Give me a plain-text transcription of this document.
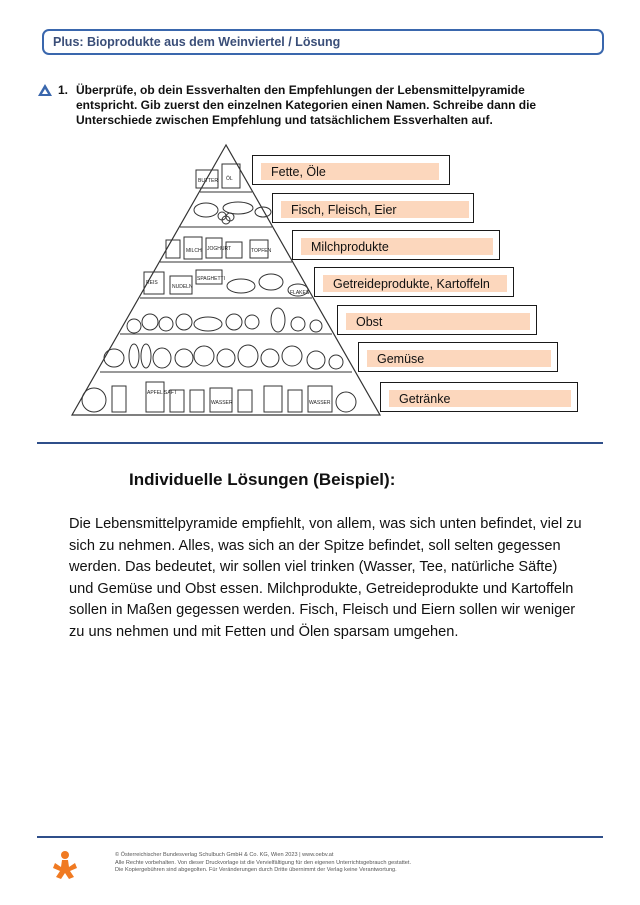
Plus: Bioprodukte aus dem Weinviertel / Lösung
1. Überprüfe, ob dein Essverhalten den Empfehlungen der Lebensmittelpyramide
entspricht. Gib zuerst den einzelnen Kategorien einen Namen. Schreibe dann die
Unterschiede zwischen Empfehlung und tatsächlichem Essverhalten auf.
BUTTER ÖL
MILCH JOGHURT	TOPFEN
REIS
SPAGHETTI
NUDELN
FLAKES
APFEL SAFT
WASSER	WASSER
Fette, Öle
Fisch, Fleisch, Eier
Milchprodukte
Getreideprodukte, Kartoffeln
Obst
Gemüse
Getränke
Individuelle Lösungen (Beispiel):
Die Lebensmittelpyramide empfiehlt, von allem, was sich unten befindet, viel zu
sich zu nehmen. Alles, was sich an der Spitze befindet, soll selten gegessen
werden. Das bedeutet, wir sollen viel trinken (Wasser, Tee, natürliche Säfte)
und Gemüse und Obst essen. Milchprodukte, Getreideprodukte und Kartoffeln
sollen in Maßen gegessen werden. Fisch, Fleisch und Eiern sollen wir weniger
zu uns nehmen und mit Fetten und Ölen sparsam umgehen.
© Österreichischer Bundesverlag Schulbuch GmbH & Co. KG, Wien 2023 | www.oebv.at
Alle Rechte vorbehalten. Von dieser Druckvorlage ist die Vervielfältigung für den eigenen Unterrichtsgebrauch gestattet.
Die Kopiergebühren sind abgegolten. Für Veränderungen durch Dritte übernimmt der Verlag keine Verantwortung.
